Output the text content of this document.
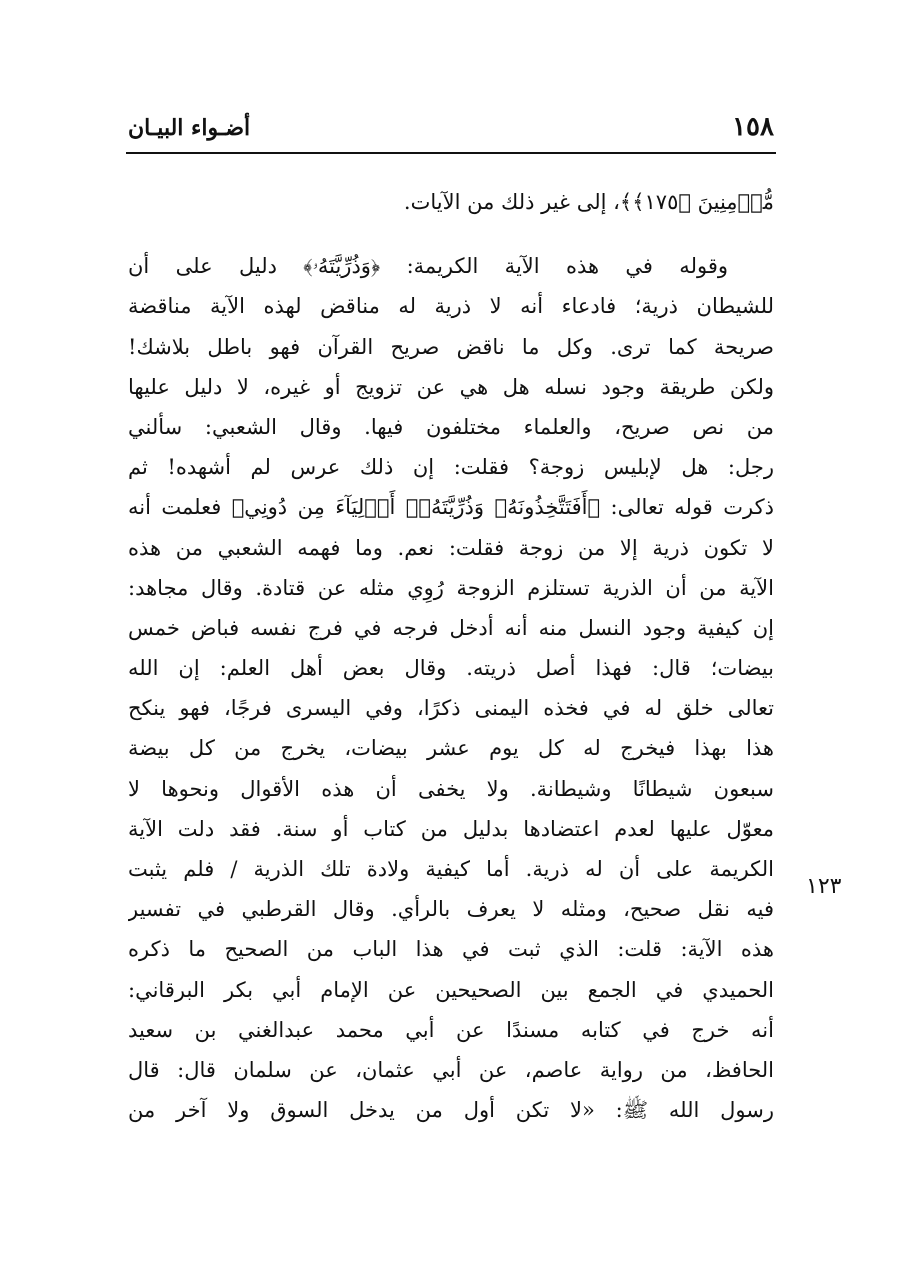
١٥٨
أضـواء البيـان
١٢٣
مُّؤۡمِنِينَ ﴿١٧٥﴾﴾، إلى غير ذلك من الآيات.
وقوله في هذه الآية الكريمة: ﴿وَذُرِّيَّتَهُۥ﴾ دليل على أن
للشيطان ذرية؛ فادعاء أنه لا ذرية له مناقض لهذه الآية مناقضة
صريحة كما ترى. وكل ما ناقض صريح القرآن فهو باطل بلاشك!
ولكن طريقة وجود نسله هل هي عن تزويج أو غيره، لا دليل عليها
من نص صريح، والعلماء مختلفون فيها. وقال الشعبي: سألني
رجل: هل لإبليس زوجة؟ فقلت: إن ذلك عرس لم أشهده! ثم
ذكرت قوله تعالى: ﴿أَفَتَتَّخِذُونَهُۥ وَذُرِّيَّتَهُۥٓ أَوۡلِيَآءَ مِن دُونِي﴾ فعلمت أنه
لا تكون ذرية إلا من زوجة فقلت: نعم. وما فهمه الشعبي من هذه
الآية من أن الذرية تستلزم الزوجة رُوِي مثله عن قتادة. وقال مجاهد:
إن كيفية وجود النسل منه أنه أدخل فرجه في فرج نفسه فباض خمس
بيضات؛ قال: فهذا أصل ذريته. وقال بعض أهل العلم: إن الله
تعالى خلق له في فخذه اليمنى ذكرًا، وفي اليسرى فرجًا، فهو ينكح
هذا بهذا فيخرج له كل يوم عشر بيضات، يخرج من كل بيضة
سبعون شيطانًا وشيطانة. ولا يخفى أن هذه الأقوال ونحوها لا
معوّل عليها لعدم اعتضادها بدليل من كتاب أو سنة. فقد دلت الآية
الكريمة على أن له ذرية. أما كيفية ولادة تلك الذرية / فلم يثبت
فيه نقل صحيح، ومثله لا يعرف بالرأي. وقال القرطبي في تفسير
هذه الآية: قلت: الذي ثبت في هذا الباب من الصحيح ما ذكره
الحميدي في الجمع بين الصحيحين عن الإمام أبي بكر البرقاني:
أنه خرج في كتابه مسندًا عن أبي محمد عبدالغني بن سعيد
الحافظ، من رواية عاصم، عن أبي عثمان، عن سلمان قال: قال
رسول الله ﷺ: «لا تكن أول من يدخل السوق ولا آخر من
